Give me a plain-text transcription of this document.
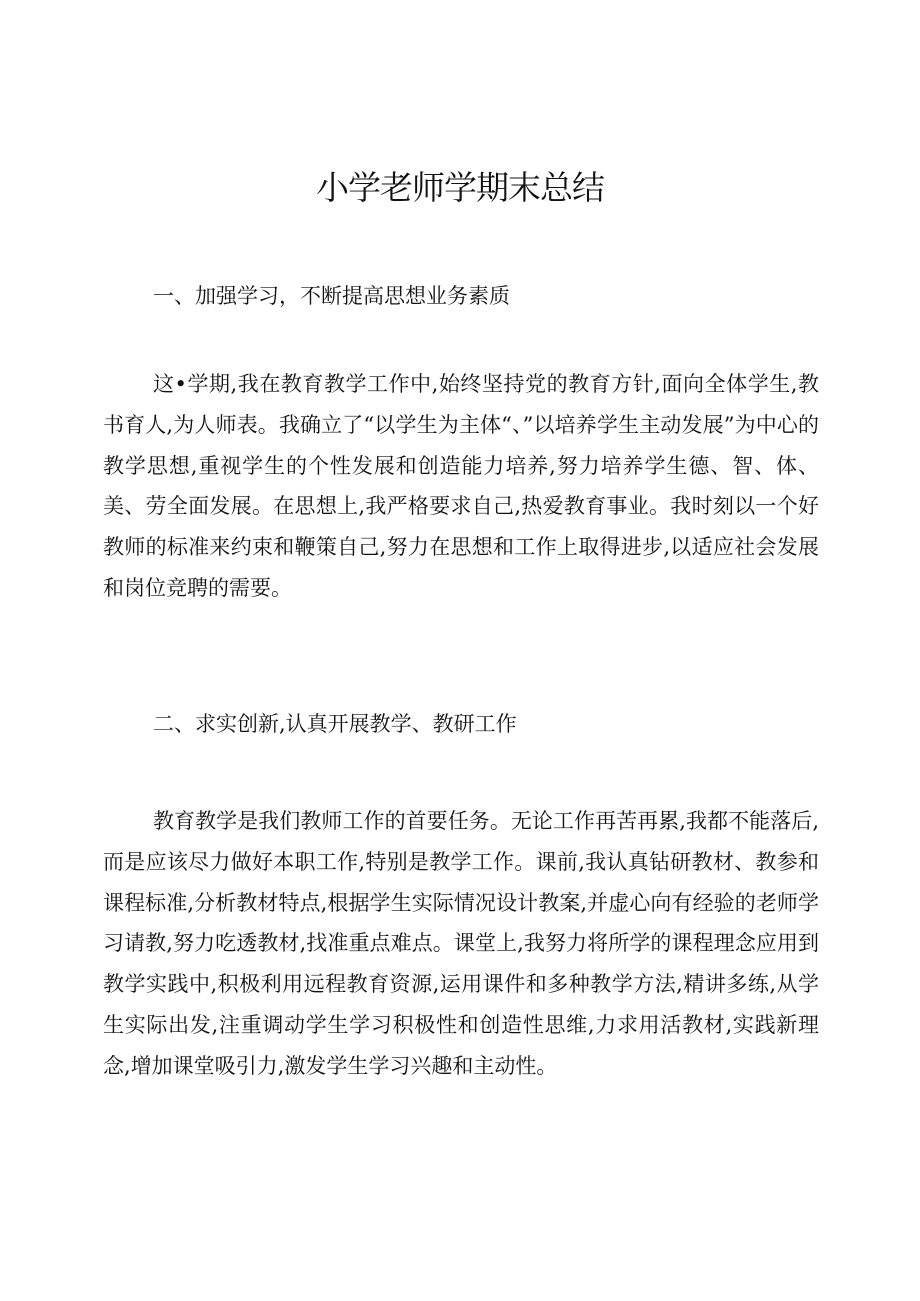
小学老师学期末总结
一、加强学习，不断提高思想业务素质

这•学期,我在教育教学工作中,始终坚持党的教育方针,面向全体学生,教书育人,为人师表。我确立了“以学生为主体“、”以培养学生主动发展”为中心的教学思想,重视学生的个性发展和创造能力培养,努力培养学生德、智、体、美、劳全面发展。在思想上,我严格要求自己,热爱教育事业。我时刻以一个好教师的标准来约束和鞭策自己,努力在思想和工作上取得进步,以适应社会发展和岗位竞聘的需要。

二、求实创新,认真开展教学、教研工作

教育教学是我们教师工作的首要任务。无论工作再苦再累,我都不能落后,而是应该尽力做好本职工作,特别是教学工作。课前,我认真钻研教材、教参和课程标准,分析教材特点,根据学生实际情况设计教案,并虚心向有经验的老师学习请教,努力吃透教材,找准重点难点。课堂上,我努力将所学的课程理念应用到教学实践中,积极利用远程教育资源,运用课件和多种教学方法,精讲多练,从学生实际出发,注重调动学生学习积极性和创造性思维,力求用活教材,实践新理念,增加课堂吸引力,激发学生学习兴趣和主动性。
